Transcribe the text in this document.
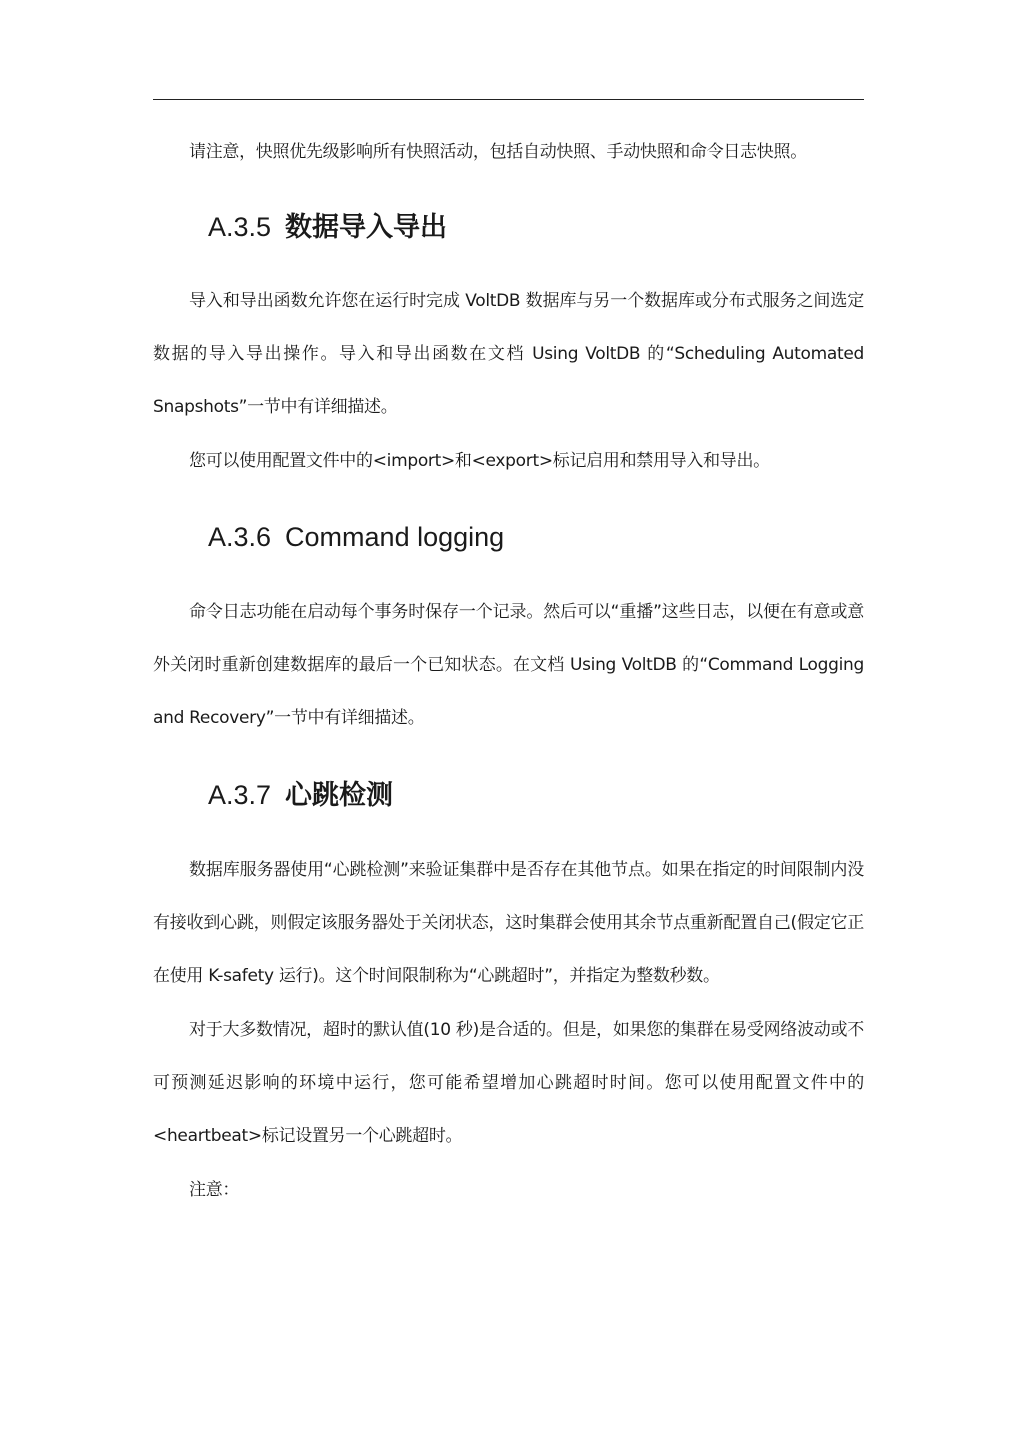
请注意，快照优先级影响所有快照活动，包括自动快照、手动快照和命令日志快照。

A.3.5 数据导入导出

导入和导出函数允许您在运行时完成 VoltDB 数据库与另一个数据库或分布式服务之间选定数据的导入导出操作。导入和导出函数在文档 Using VoltDB 的“Scheduling Automated Snapshots”一节中有详细描述。

您可以使用配置文件中的<import>和<export>标记启用和禁用导入和导出。

A.3.6 Command logging

命令日志功能在启动每个事务时保存一个记录。然后可以“重播”这些日志，以便在有意或意外关闭时重新创建数据库的最后一个已知状态。在文档 Using VoltDB 的“Command Logging and Recovery”一节中有详细描述。

A.3.7 心跳检测

数据库服务器使用“心跳检测”来验证集群中是否存在其他节点。如果在指定的时间限制内没有接收到心跳，则假定该服务器处于关闭状态，这时集群会使用其余节点重新配置自己(假定它正在使用 K-safety 运行)。这个时间限制称为“心跳超时”，并指定为整数秒数。

对于大多数情况，超时的默认值(10 秒)是合适的。但是，如果您的集群在易受网络波动或不可预测延迟影响的环境中运行，您可能希望增加心跳超时时间。您可以使用配置文件中的<heartbeat>标记设置另一个心跳超时。

注意：
